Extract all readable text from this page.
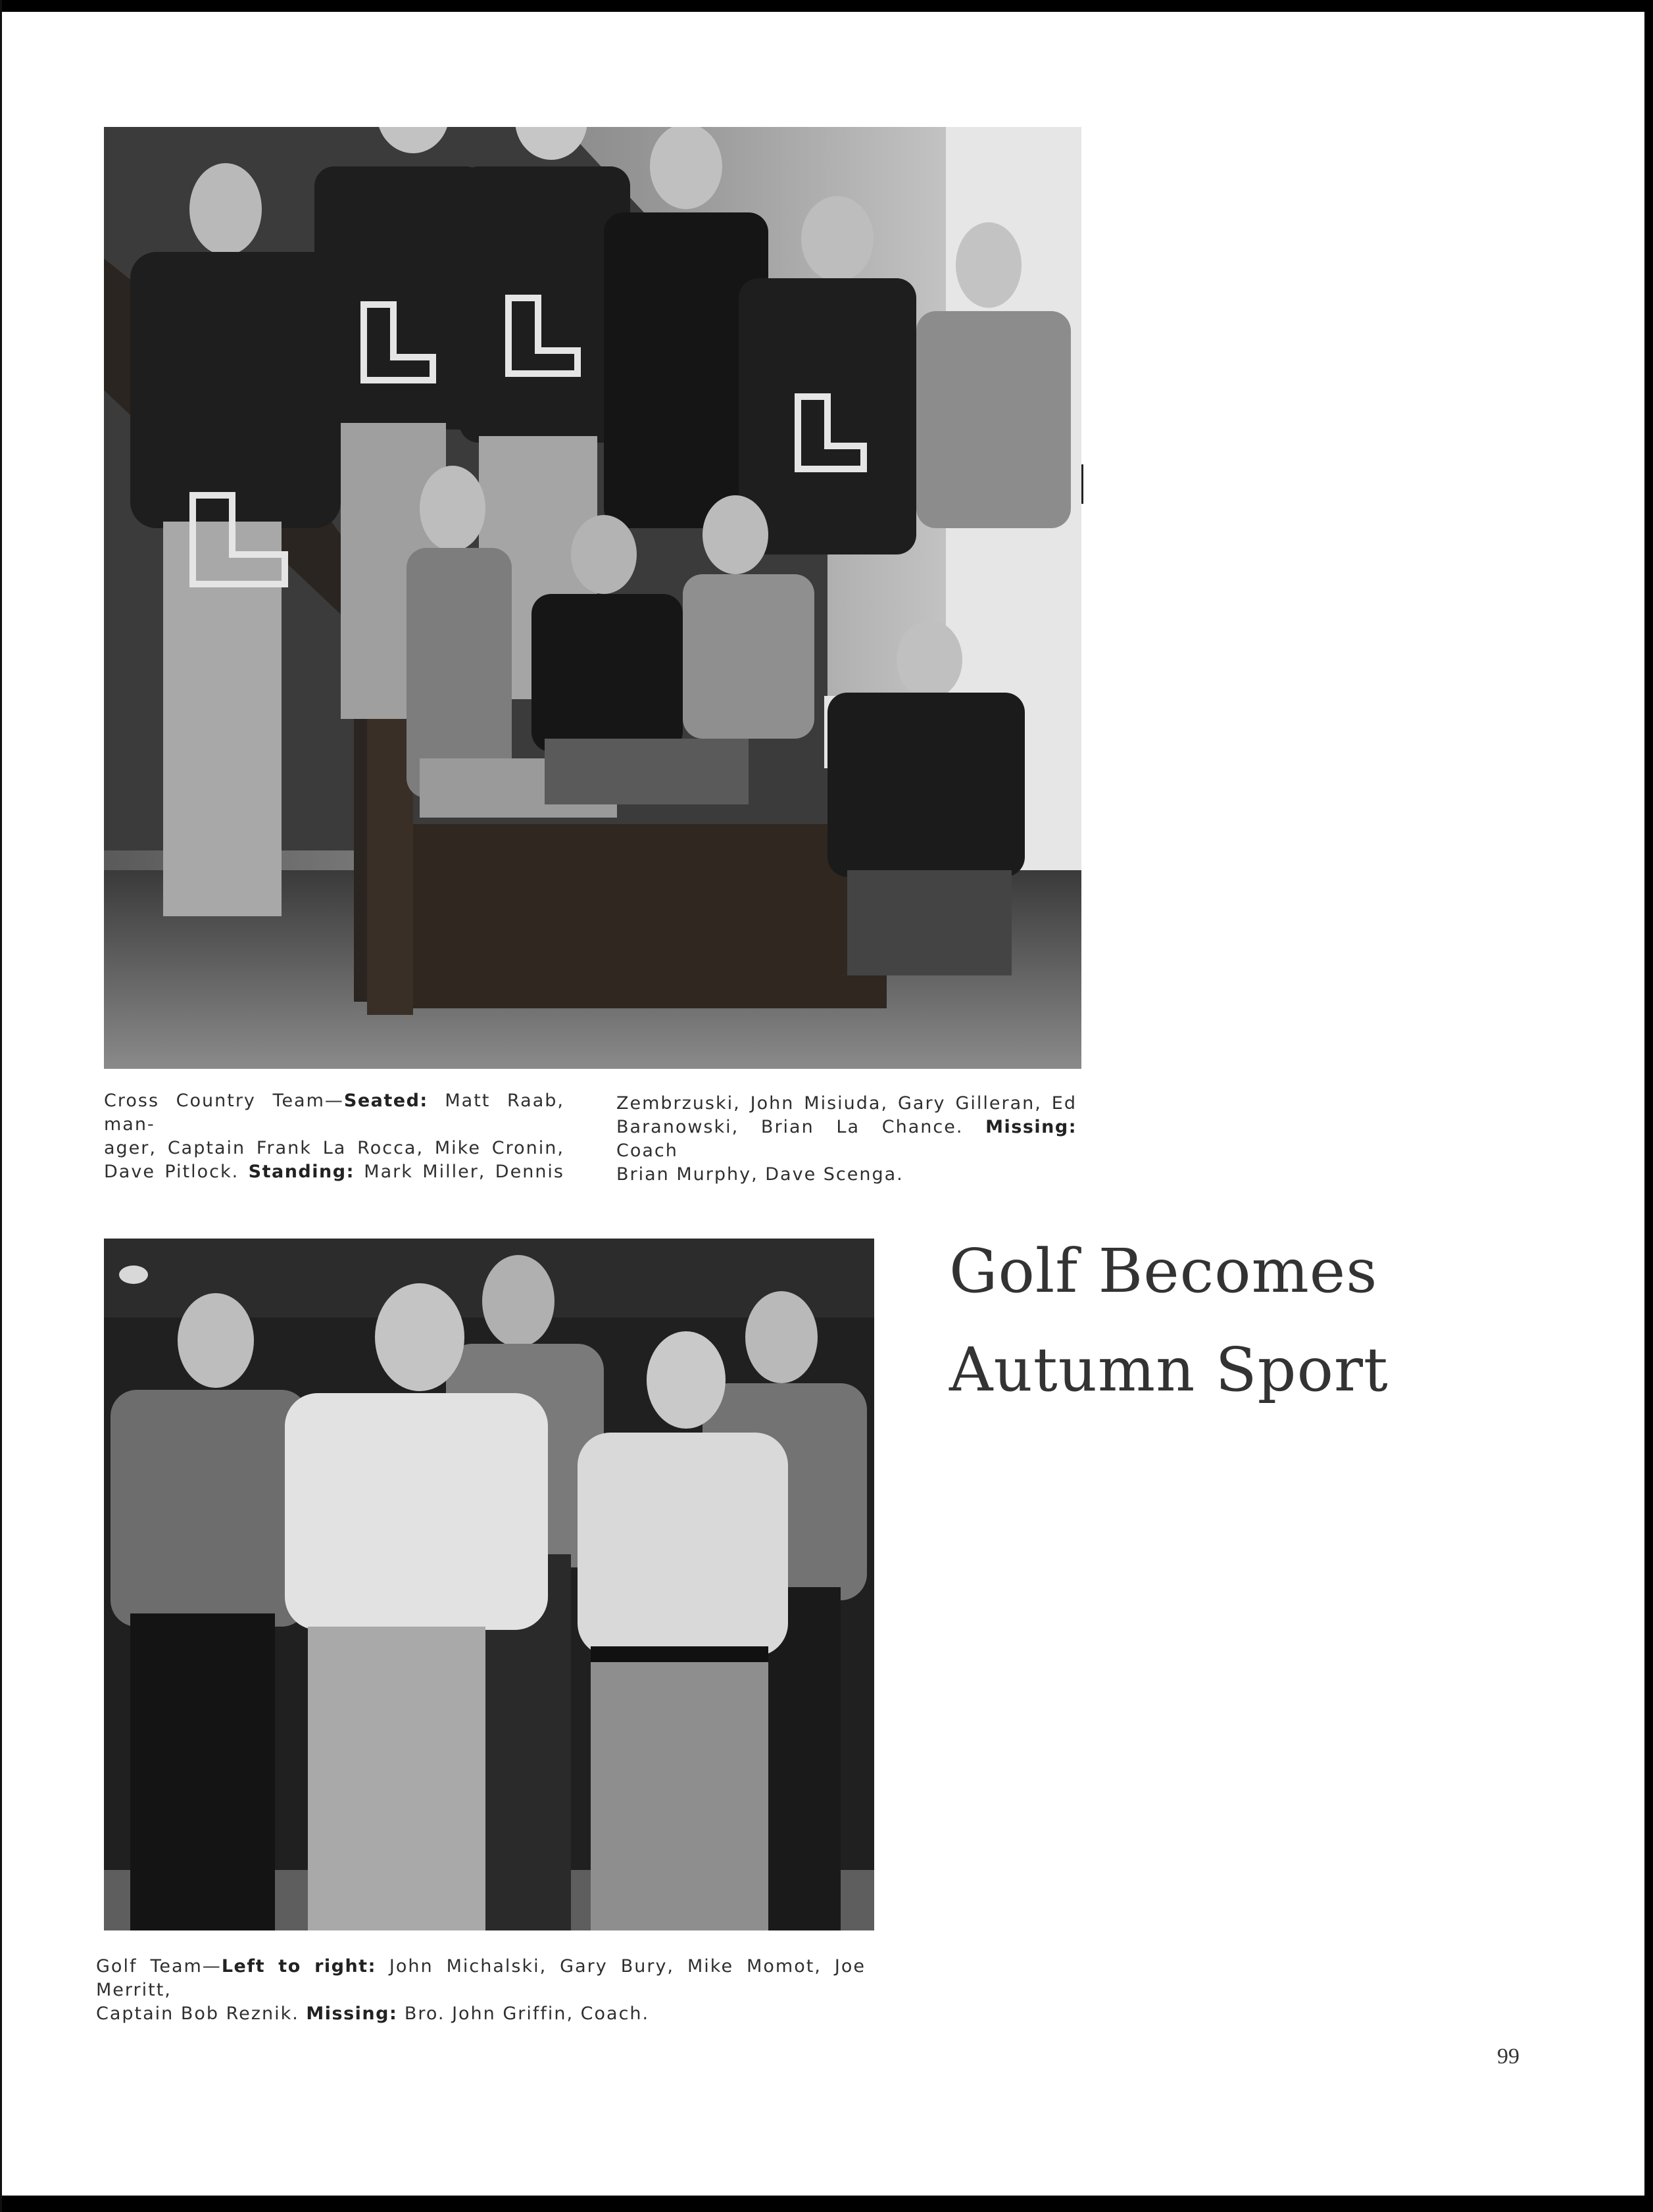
Cross Country Team—Seated: Matt Raab, man-
ager, Captain Frank La Rocca, Mike Cronin,
Dave Pitlock. Standing: Mark Miller, Dennis
Zembrzuski, John Misiuda, Gary Gilleran, Ed
Baranowski, Brian La Chance. Missing: Coach
Brian Murphy, Dave Scenga.
Golf Becomes
Autumn Sport
Golf Team—Left to right: John Michalski, Gary Bury, Mike Momot, Joe Merritt,
Captain Bob Reznik. Missing: Bro. John Griffin, Coach.
99
